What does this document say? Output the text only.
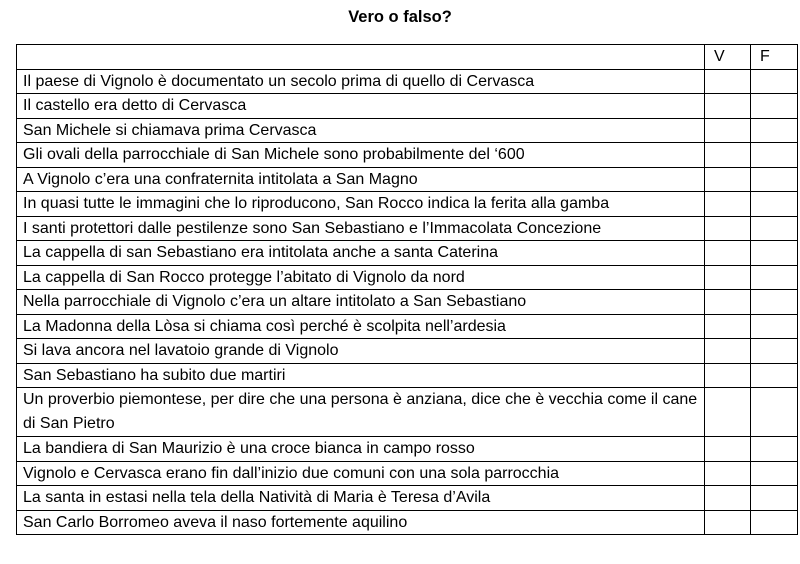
Vero o falso?
	V	F
Il paese di Vignolo è documentato un secolo prima di quello di Cervasca		
Il castello era detto di Cervasca		
San Michele si chiamava prima Cervasca		
Gli ovali della parrocchiale di San Michele sono probabilmente del ‘600		
A Vignolo c’era una confraternita intitolata a San Magno		
In quasi tutte le immagini che lo riproducono, San Rocco indica la ferita alla gamba		
I santi protettori dalle pestilenze sono San Sebastiano e l’Immacolata Concezione		
La cappella di san Sebastiano era intitolata anche a santa Caterina		
La cappella di San Rocco protegge l’abitato di Vignolo da nord		
Nella parrocchiale di Vignolo c’era un altare intitolato a San Sebastiano		
La Madonna della Lòsa si chiama così perché è scolpita nell’ardesia		
Si lava ancora nel lavatoio grande di Vignolo		
San Sebastiano ha subito due martiri		
Un proverbio piemontese, per dire che una persona è anziana, dice che è vecchia come il cane di San Pietro		
La bandiera di San Maurizio è una croce bianca in campo rosso		
Vignolo e Cervasca erano fin dall’inizio due comuni con una sola parrocchia		
La santa in estasi nella tela della Natività di Maria è Teresa d’Avila		
San Carlo Borromeo aveva il naso fortemente aquilino		
